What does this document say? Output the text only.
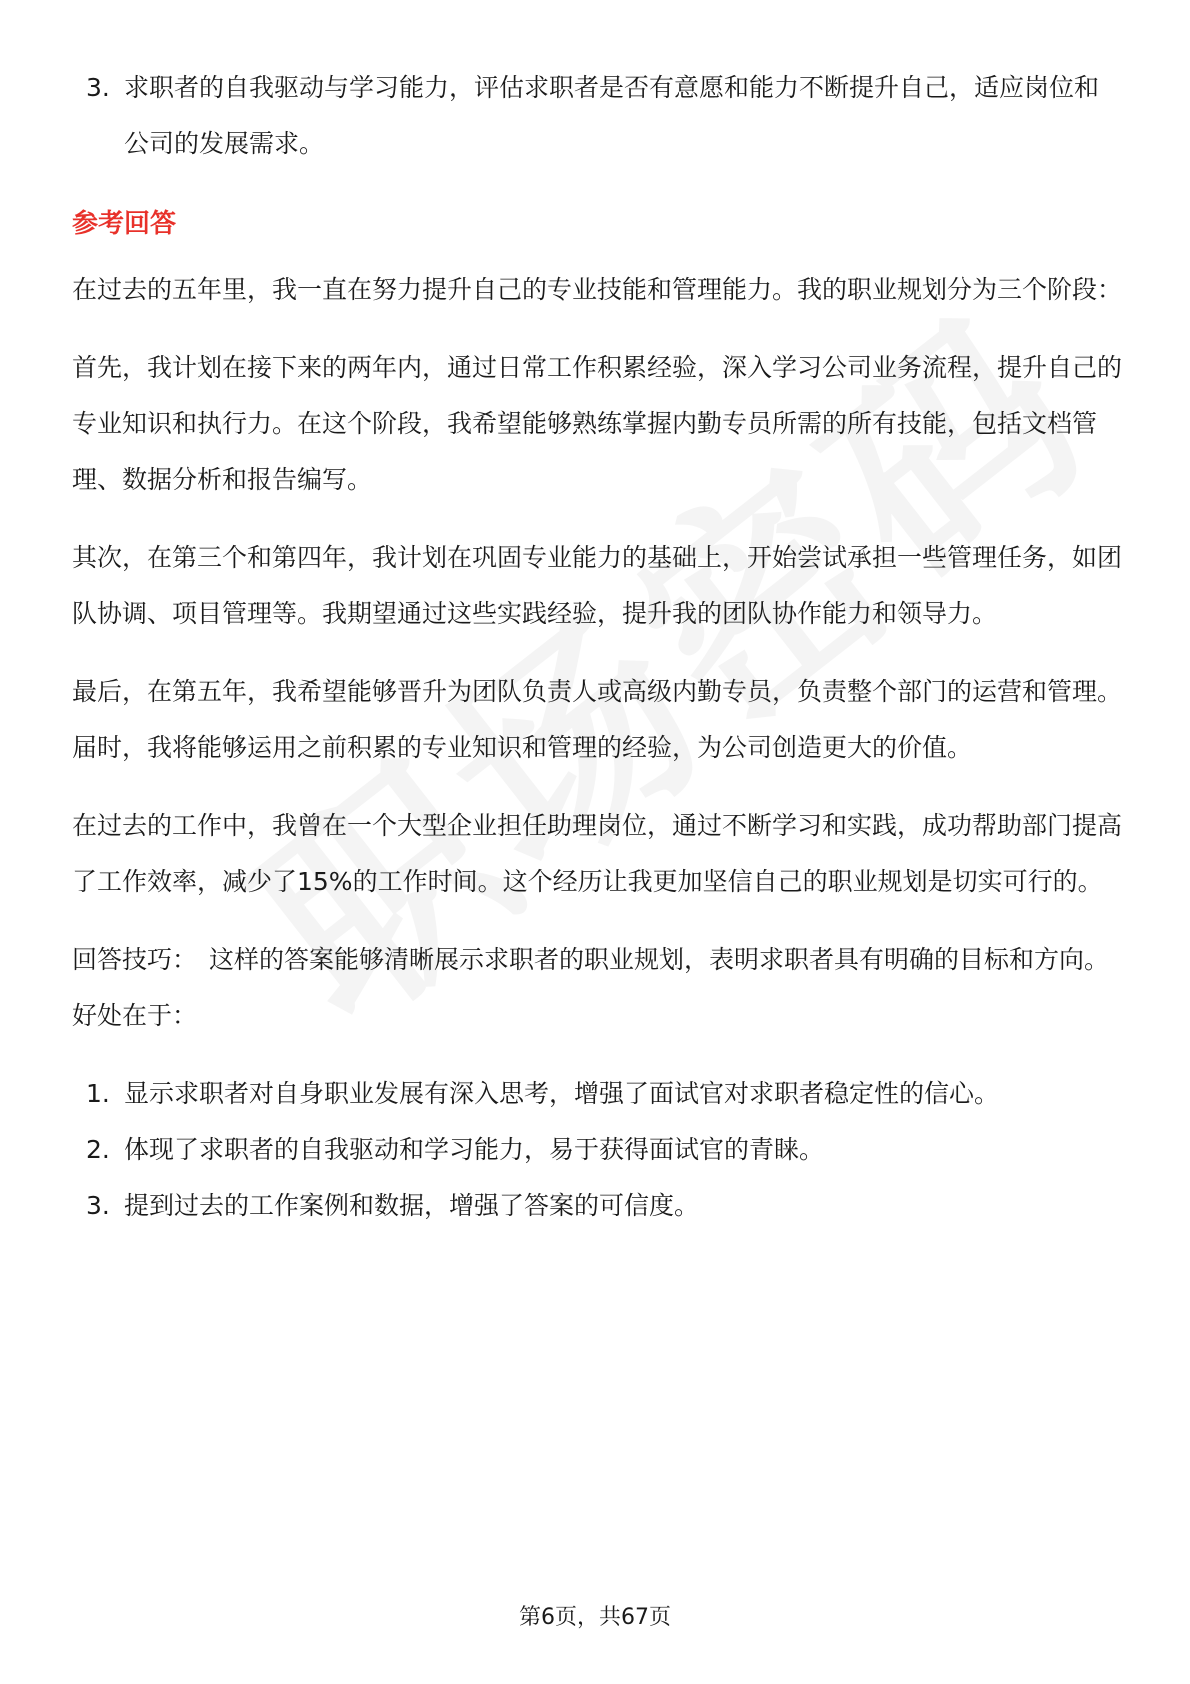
3. 求职者的自我驱动与学习能力，评估求职者是否有意愿和能力不断提升自己，适应岗位和公司的发展需求。
参考回答

在过去的五年里，我一直在努力提升自己的专业技能和管理能力。我的职业规划分为三个阶段：

首先，我计划在接下来的两年内，通过日常工作积累经验，深入学习公司业务流程，提升自己的专业知识和执行力。在这个阶段，我希望能够熟练掌握内勤专员所需的所有技能，包括文档管理、数据分析和报告编写。

其次，在第三个和第四年，我计划在巩固专业能力的基础上，开始尝试承担一些管理任务，如团队协调、项目管理等。我期望通过这些实践经验，提升我的团队协作能力和领导力。

最后，在第五年，我希望能够晋升为团队负责人或高级内勤专员，负责整个部门的运营和管理。届时，我将能够运用之前积累的专业知识和管理的经验，为公司创造更大的价值。

在过去的工作中，我曾在一个大型企业担任助理岗位，通过不断学习和实践，成功帮助部门提高了工作效率，减少了15%的工作时间。这个经历让我更加坚信自己的职业规划是切实可行的。

回答技巧： 这样的答案能够清晰展示求职者的职业规划，表明求职者具有明确的目标和方向。好处在于：

1. 显示求职者对自身职业发展有深入思考，增强了面试官对求职者稳定性的信心。
2. 体现了求职者的自我驱动和学习能力，易于获得面试官的青睐。
3. 提到过去的工作案例和数据，增强了答案的可信度。
第6页，共67页
